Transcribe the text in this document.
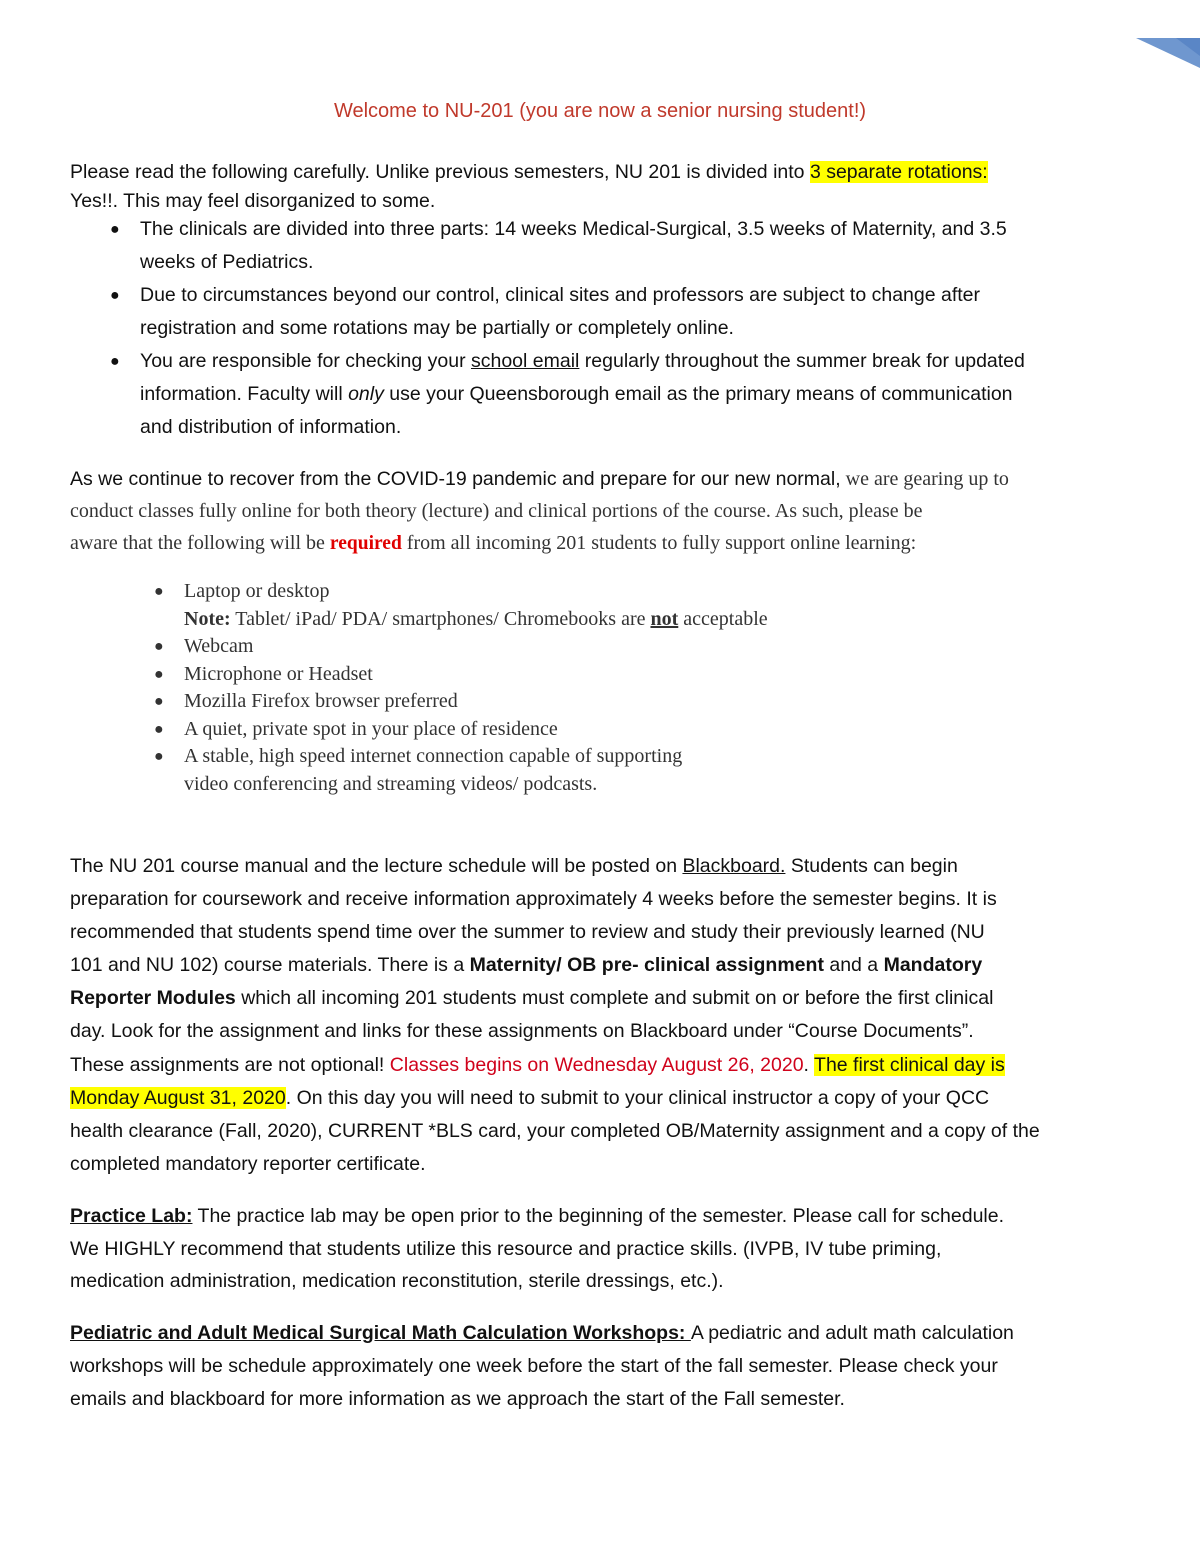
Welcome to NU-201 (you are now a senior nursing student!)
Please read the following carefully. Unlike previous semesters, NU 201 is divided into 3 separate rotations:
Yes!!. This may feel disorganized to some.
● The clinicals are divided into three parts: 14 weeks Medical-Surgical, 3.5 weeks of Maternity, and 3.5
weeks of Pediatrics.
● Due to circumstances beyond our control, clinical sites and professors are subject to change after
registration and some rotations may be partially or completely online.
● You are responsible for checking your school email regularly throughout the summer break for updated
information. Faculty will only use your Queensborough email as the primary means of communication
and distribution of information.
As we continue to recover from the COVID-19 pandemic and prepare for our new normal, we are gearing up to
conduct classes fully online for both theory (lecture) and clinical portions of the course. As such, please be
aware that the following will be required from all incoming 201 students to fully support online learning:
● Laptop or desktop
Note: Tablet/ iPad/ PDA/ smartphones/ Chromebooks are not acceptable
● Webcam
● Microphone or Headset
● Mozilla Firefox browser preferred
● A quiet, private spot in your place of residence
● A stable, high speed internet connection capable of supporting
video conferencing and streaming videos/ podcasts.
The NU 201 course manual and the lecture schedule will be posted on Blackboard. Students can begin
preparation for coursework and receive information approximately 4 weeks before the semester begins. It is
recommended that students spend time over the summer to review and study their previously learned (NU
101 and NU 102) course materials. There is a Maternity/ OB pre- clinical assignment and a Mandatory
Reporter Modules which all incoming 201 students must complete and submit on or before the first clinical
day. Look for the assignment and links for these assignments on Blackboard under “Course Documents”.
These assignments are not optional! Classes begins on Wednesday August 26, 2020. The first clinical day is
Monday August 31, 2020. On this day you will need to submit to your clinical instructor a copy of your QCC
health clearance (Fall, 2020), CURRENT *BLS card, your completed OB/Maternity assignment and a copy of the
completed mandatory reporter certificate.
Practice Lab: The practice lab may be open prior to the beginning of the semester. Please call for schedule.
We HIGHLY recommend that students utilize this resource and practice skills. (IVPB, IV tube priming,
medication administration, medication reconstitution, sterile dressings, etc.).
Pediatric and Adult Medical Surgical Math Calculation Workshops: A pediatric and adult math calculation
workshops will be schedule approximately one week before the start of the fall semester. Please check your
emails and blackboard for more information as we approach the start of the Fall semester.
